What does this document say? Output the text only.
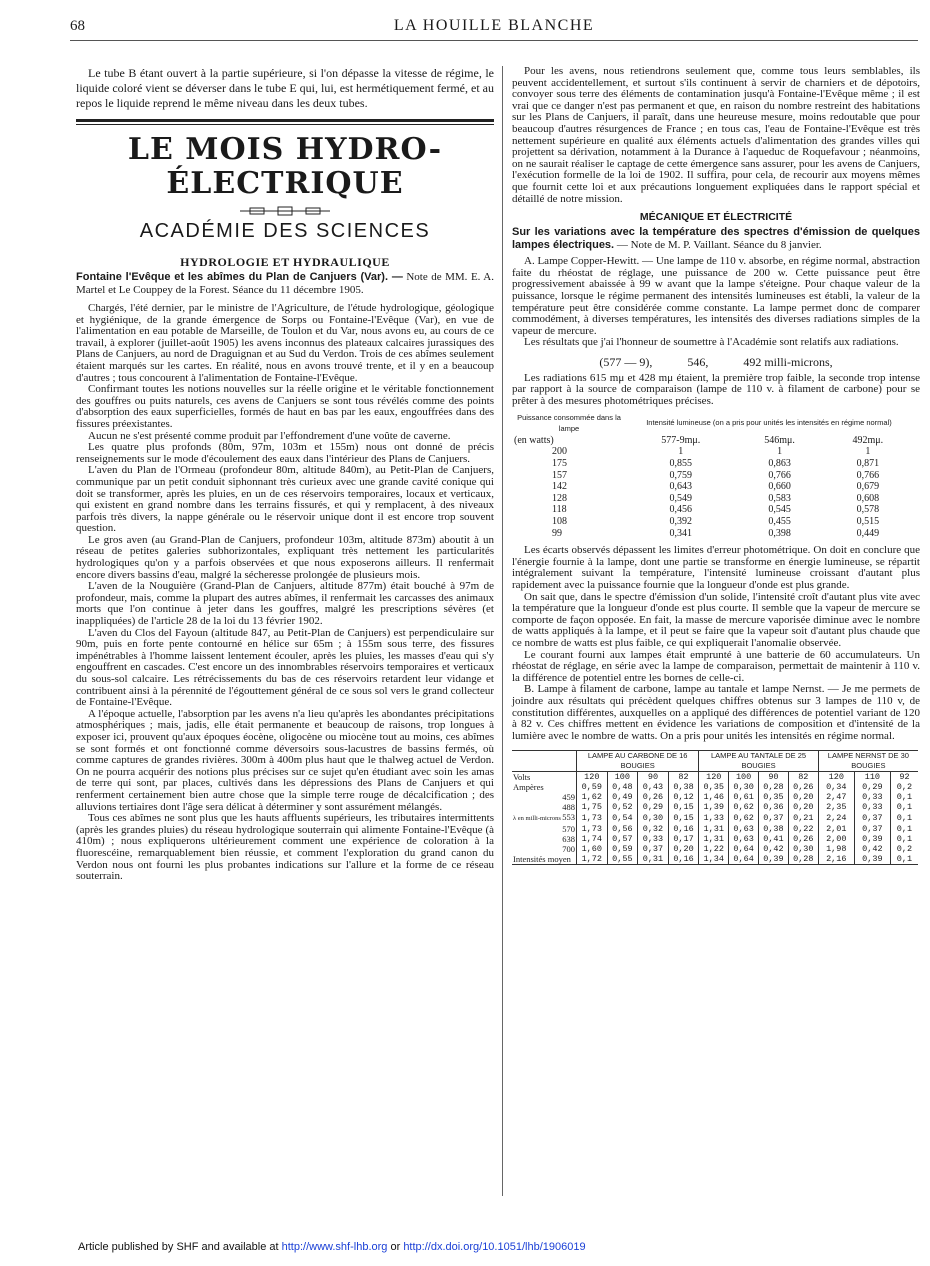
68	LA HOUILLE BLANCHE

Le tube B étant ouvert à la partie supérieure, si l'on dépasse la vitesse de régime, le liquide coloré vient se déverser dans le tube E qui, lui, est hermétiquement fermé, et au repos le liquide reprend le même niveau dans les deux tubes.

LE MOIS HYDRO-ÉLECTRIQUE
ACADÉMIE DES SCIENCES
HYDROLOGIE ET HYDRAULIQUE
Fontaine l'Evêque et les abîmes du Plan de Canjuers (Var). — Note de MM. E. A. Martel et Le Couppey de la Forest. Séance du 11 décembre 1905.

Chargés, l'été dernier, par le ministre de l'Agriculture, de l'étude hydrologique, géologique et hygiénique, de la grande émergence de Sorps ou Fontaine-l'Evêque (Var), en vue de l'alimentation en eau potable de Marseille, de Toulon et du Var, nous avons eu, au cours de ce travail, à explorer (juillet-août 1905) les avens inconnus des plateaux calcaires jurassiques des Plans de Canjuers, au nord de Draguignan et au Sud du Verdon. Trois de ces abîmes seulement étaient marqués sur les cartes. En réalité, nous en avons trouvé trente, et il y en a beaucoup d'autres ; tous concourent à l'alimentation de Fontaine-l'Evêque.

Confirmant toutes les notions nouvelles sur la réelle origine et le véritable fonctionnement des gouffres ou puits naturels, ces avens de Canjuers se sont tous révélés comme des points d'absorption des eaux superficielles, formés de haut en bas par les eaux, engouffrées dans des fissures préexistantes.

Aucun ne s'est présenté comme produit par l'effondrement d'une voûte de caverne.

Les quatre plus profonds (80m, 97m, 103m et 155m) nous ont donné de précis renseignements sur le mode d'écoulement des eaux dans l'intérieur des Plans de Canjuers.

L'aven du Plan de l'Ormeau (profondeur 80m, altitude 840m), au Petit-Plan de Canjuers, communique par un petit conduit siphonnant très curieux avec une grande cavité conique qui doit se transformer, après les pluies, en un de ces réservoirs temporaires, locaux et verticaux, qui existent en grand nombre dans les terrains fissurés, et qui y remplacent, à des niveaux parfois très divers, la nappe générale ou le réservoir unique dont il est encore trop souvent question.

Le gros aven (au Grand-Plan de Canjuers, profondeur 103m, altitude 873m) aboutit à un réseau de petites galeries subhorizontales, expliquant très nettement les particularités hydrologiques qu'on y a parfois observées et que nous exposerons ailleurs. Il renfermait encore divers bassins d'eau, malgré la sécheresse prolongée de plusieurs mois.

L'aven de la Nouguière (Grand-Plan de Canjuers, altitude 877m) était bouché à 97m de profondeur, mais, comme la plupart des autres abîmes, il renfermait les carcasses des animaux morts que l'on continue à jeter dans les gouffres, malgré les prescriptions sévères (et inappliquées) de l'article 28 de la loi du 13 février 1902.

L'aven du Clos del Fayoun (altitude 847, au Petit-Plan de Canjuers) est perpendiculaire sur 90m, puis en forte pente contourné en hélice sur 65m ; à 155m sous terre, des fissures impénétrables à l'homme laissent lentement écouler, après les pluies, les masses d'eau qui s'y engouffrent en cascades. C'est encore un des innombrables réservoirs temporaires et verticaux du sous-sol calcaire. Les rétrécissements du bas de ces réservoirs retardent leur vidange et contribuent ainsi à la pérennité de l'égouttement général de ce sous sol vers le grand collecteur de Fontaine-l'Evêque.

A l'époque actuelle, l'absorption par les avens n'a lieu qu'après les abondantes précipitations atmosphériques ; mais, jadis, elle était permanente et beaucoup de raisons, trop longues à exposer ici, prouvent qu'aux époques éocène, oligocène ou miocène tout au moins, ces abîmes se sont formés et ont fonctionné comme déversoirs sous-lacustres de bassins fermés, où comme captures de grandes rivières. 300m à 400m plus haut que le thalweg actuel de Verdon. On ne pourra acquérir des notions plus précises sur ce sujet qu'en étudiant avec soin les amas de terre qui sont, par places, cultivés dans les dépressions des Plans de Canjuers et qui renferment certainement bien autre chose que la simple terre rouge de décalcification ; des alluvions tertiaires dont l'âge sera délicat à déterminer y sont assurément mélangés.

Tous ces abîmes ne sont plus que les hauts affluents supérieurs, les tributaires intermittents (après les grandes pluies) du réseau hydrologique souterrain qui alimente Fontaine-l'Evêque (à 410m) ; nous expliquerons ultérieurement comment une expérience de coloration à la fluorescéine, remarquablement bien réussie, et comment l'exploration du grand canon du Verdon nous ont fourni les plus probantes indications sur l'allure et la forme de ce réseau souterrain.

Pour les avens, nous retiendrons seulement que, comme tous leurs semblables, ils peuvent accidentellement, et surtout s'ils continuent à servir de charniers et de dépotoirs, convoyer sous terre des éléments de contamination jusqu'à Fontaine-l'Evêque même ; il est vrai que ce danger n'est pas permanent et que, en raison du nombre restreint des habitations sur les Plans de Canjuers, il paraît, dans une heureuse mesure, moins redoutable que pour beaucoup d'autres résurgences de France ; en tous cas, l'eau de Fontaine-l'Evêque est très nettement supérieure en qualité aux éléments actuels d'alimentation des grandes villes qui projettent sa dérivation, notamment à la Durance à l'aqueduc de Roquefavour ; néanmoins, on ne saurait réaliser le captage de cette émergence sans assurer, pour les avens de Canjuers, l'exécution formelle de la loi de 1902. Il suffira, pour cela, de recourir aux moyens mêmes que fournit cette loi et aux précautions longuement expliquées dans le rapport spécial et détaillé de notre mission.

MÉCANIQUE ET ÉLECTRICITÉ
Sur les variations avec la température des spectres d'émission de quelques lampes électriques. — Note de M. P. Vaillant. Séance du 8 janvier.

A. Lampe Copper-Hewitt. — Une lampe de 110 v. absorbe, en régime normal, abstraction faite du rhéostat de réglage, une puissance de 200 w. Cette puissance peut être progressivement abaissée à 99 w avant que la lampe s'éteigne. Pour chaque valeur de la puissance, lorsque le régime permanent des intensités lumineuses est établi, la valeur de la température peut être considérée comme constante. La lampe permet donc de comparer commodément, à diverses températures, les intensités des diverses radiations simples de la vapeur de mercure.

Les résultats que j'ai l'honneur de soumettre à l'Académie sont relatifs aux radiations.

(577 — 9),	546,	492 milli-microns,

Les radiations 615 mμ et 428 mμ étaient, la première trop faible, la seconde trop intense par rapport à la source de comparaison (lampe de 110 v. à filament de carbone) pour se prêter à des mesures photométriques précises.

Puissance consommée dans la lampe	Intensité lumineuse (on a pris pour unités les intensités en régime normal)		
(en watts)	577-9mμ.	546mμ.	492mμ.
200	1	1	1
175	0,855	0,863	0,871
157	0,759	0,766	0,766
142	0,643	0,660	0,679
128	0,549	0,583	0,608
118	0,456	0,545	0,578
108	0,392	0,455	0,515
99	0,341	0,398	0,449

Les écarts observés dépassent les limites d'erreur photométrique. On doit en conclure que l'énergie fournie à la lampe, dont une partie se transforme en énergie lumineuse, se répartit intégralement suivant la température, l'intensité lumineuse croissant d'autant plus rapidement avec la puissance fournie que la longueur d'onde est plus grande.

On sait que, dans le spectre d'émission d'un solide, l'intensité croît d'autant plus vite avec la température que la longueur d'onde est plus courte. Il semble que la vapeur de mercure se comporte de façon opposée. En fait, la masse de mercure vaporisée diminue avec le nombre de watts appliqués à la lampe, et il peut se faire que la vapeur soit d'autant plus chaude que ce nombre de watts est plus faible, ce qui expliquerait l'anomalie observée.

Le courant fourni aux lampes était emprunté à une batterie de 60 accumulateurs. Un rhéostat de réglage, en série avec la lampe de comparaison, permettait de maintenir à 110 v. la différence de potentiel entre les bornes de celle-ci.

B. Lampe à filament de carbone, lampe au tantale et lampe Nernst. — Je me permets de joindre aux résultats qui précèdent quelques chiffres obtenus sur 3 lampes de 110 v, de constitution différentes, auxquelles on a appliqué des différences de potentiel variant de 120 à 82 v. Ces chiffres mettent en évidence les variations de composition et d'intensité de la lumière avec le nombre de watts. On a pris pour unités les intensités en régime normal.

	LAMPE AU CARBONE DE 16 BOUGIES				LAMPE AU TANTALE DE 25 BOUGIES				LAMPE NERNST DE 30 BOUGIES		
Volts	120	100	90	82	120	100	90	82	120	110	92
Ampères	0,59	0,48	0,43	0,38	0,35	0,30	0,28	0,26	0,34	0,29	0,2
459	1,62	0,49	0,26	0,12	1,46	0,61	0,35	0,20	2,47	0,33	0,1
488	1,75	0,52	0,29	0,15	1,39	0,62	0,36	0,20	2,35	0,33	0,1
λ en milli-microns 553	1,73	0,54	0,30	0,15	1,33	0,62	0,37	0,21	2,24	0,37	0,1
570	1,73	0,56	0,32	0,16	1,31	0,63	0,38	0,22	2,01	0,37	0,1
638	1,74	0,57	0,33	0,17	1,31	0,63	0,41	0,26	2,00	0,39	0,1
700	1,60	0,59	0,37	0,20	1,22	0,64	0,42	0,30	1,98	0,42	0,2
Intensités moyen	1,72	0,55	0,31	0,16	1,34	0,64	0,39	0,28	2,16	0,39	0,1
Article published by SHF and available at http://www.shf-lhb.org or http://dx.doi.org/10.1051/lhb/1906019
